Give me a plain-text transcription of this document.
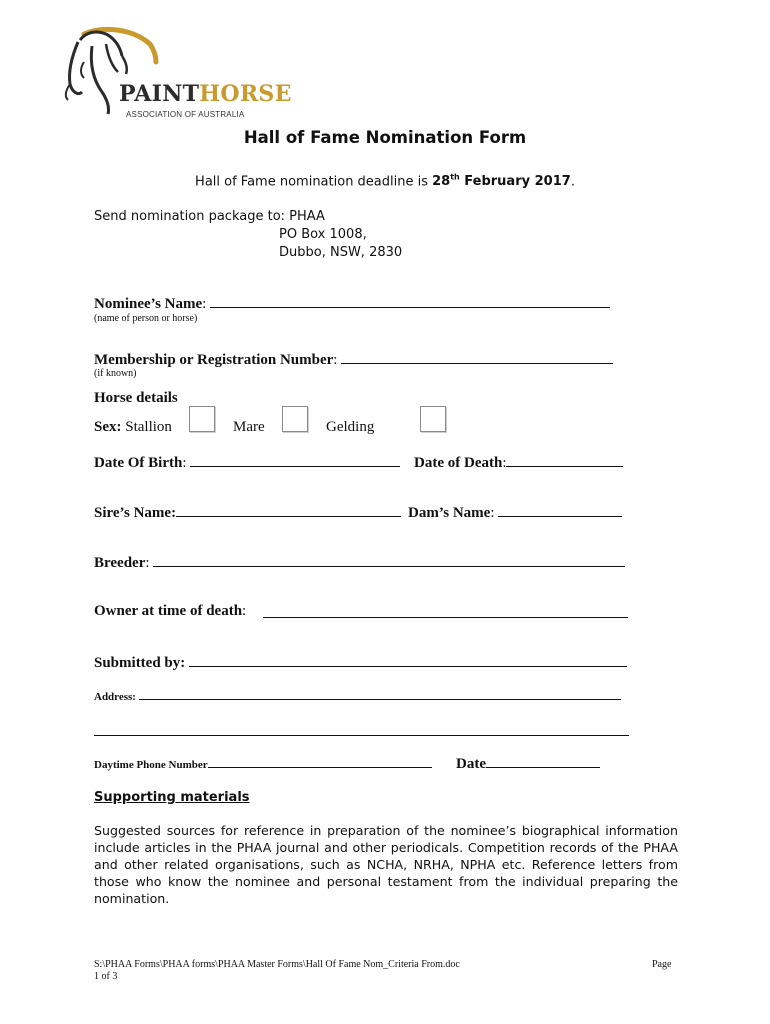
PAINTHORSE
ASSOCIATION OF AUSTRALIA
Hall of Fame Nomination Form
Hall of Fame nomination deadline is 28th February 2017.
Send nomination package to: PHAA
PO Box 1008,
Dubbo, NSW, 2830
Nominee’s Name:
(name of person or horse)
Membership or Registration Number:
(if known)
Horse details
Sex: Stallion	Mare	Gelding
Date Of Birth:	Date of Death:
Sire’s Name:	Dam’s Name:
Breeder:
Owner at time of death:
Submitted by:
Address:
Daytime Phone Number	Date
Supporting materials
Suggested sources for reference in preparation of the nominee’s biographical information include articles in the PHAA journal and other periodicals. Competition records of the PHAA and other related organisations, such as NCHA, NRHA, NPHA etc. Reference letters from those who know the nominee and personal testament from the individual preparing the nomination.
S:\PHAA Forms\PHAA forms\PHAA Master Forms\Hall Of Fame Nom_Criteria From.doc	Page
1 of 3
